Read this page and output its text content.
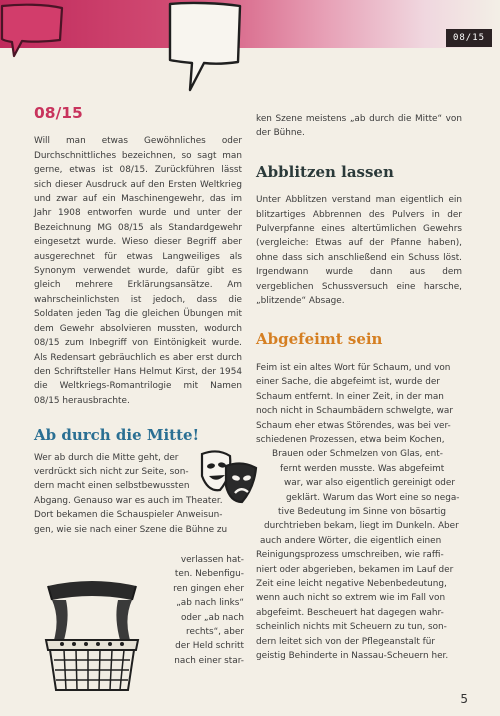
08/15
08/15

Will man etwas Gewöhnliches oder Durchschnittliches bezeichnen, so sagt man gerne, etwas ist 08/15. Zurückführen lässt sich dieser Ausdruck auf den Ersten Weltkrieg und zwar auf ein Maschinengewehr, das im Jahr 1908 entworfen wurde und unter der Bezeichnung MG 08/15 als Standardgewehr eingesetzt wurde. Wieso dieser Begriff aber ausgerechnet für etwas Langweiliges als Synonym verwendet wurde, dafür gibt es gleich mehrere Erklärungsansätze. Am wahrscheinlichsten ist jedoch, dass die Soldaten jeden Tag die gleichen Übungen mit dem Gewehr absolvieren mussten, wodurch 08/15 zum Inbegriff von Eintönigkeit wurde. Als Redensart gebräuchlich es aber erst durch den Schriftsteller Hans Helmut Kirst, der 1954 die Weltkriegs-Romantrilogie mit Namen 08/15 herausbrachte.

Ab durch die Mitte!
Wer ab durch die Mitte geht, der
verdrückt sich nicht zur Seite, son-
dern macht einen selbstbewussten
Abgang. Genauso war es auch im Theater.
Dort bekamen die Schauspieler Anweisun-
gen, wie sie nach einer Szene die Bühne zu
verlassen hat-
ten. Nebenfigu-
ren gingen eher
„ab nach links“
oder „ab nach
rechts“, aber
der Held schritt
nach einer star-

ken Szene meistens „ab durch die Mitte“ von der Bühne.

Abblitzen lassen

Unter Abblitzen verstand man eigentlich ein blitzartiges Abbrennen des Pulvers in der Pulverpfanne eines altertümlichen Gewehrs (vergleiche: Etwas auf der Pfanne haben), ohne dass sich anschließend ein Schuss löst. Irgendwann wurde dann aus dem vergeblichen Schussversuch eine harsche, „blitzende“ Absage.

Abgefeimt sein
Feim ist ein altes Wort für Schaum, und von
einer Sache, die abgefeimt ist, wurde der
Schaum entfernt. In einer Zeit, in der man
noch nicht in Schaumbädern schwelgte, war
Schaum eher etwas Störendes, was bei ver-
schiedenen Prozessen, etwa beim Kochen,
Brauen oder Schmelzen von Glas, ent-
fernt werden musste. Was abgefeimt
war, war also eigentlich gereinigt oder
geklärt. Warum das Wort eine so nega-
tive Bedeutung im Sinne von bösartig
durchtrieben bekam, liegt im Dunkeln. Aber
auch andere Wörter, die eigentlich einen
Reinigungsprozess umschreiben, wie raffi-
niert oder abgerieben, bekamen im Lauf der
Zeit eine leicht negative Nebenbedeutung,
wenn auch nicht so extrem wie im Fall von
abgefeimt. Bescheuert hat dagegen wahr-
scheinlich nichts mit Scheuern zu tun, son-
dern leitet sich von der Pflegeanstalt für
geistig Behinderte in Nassau-Scheuern her.
5
